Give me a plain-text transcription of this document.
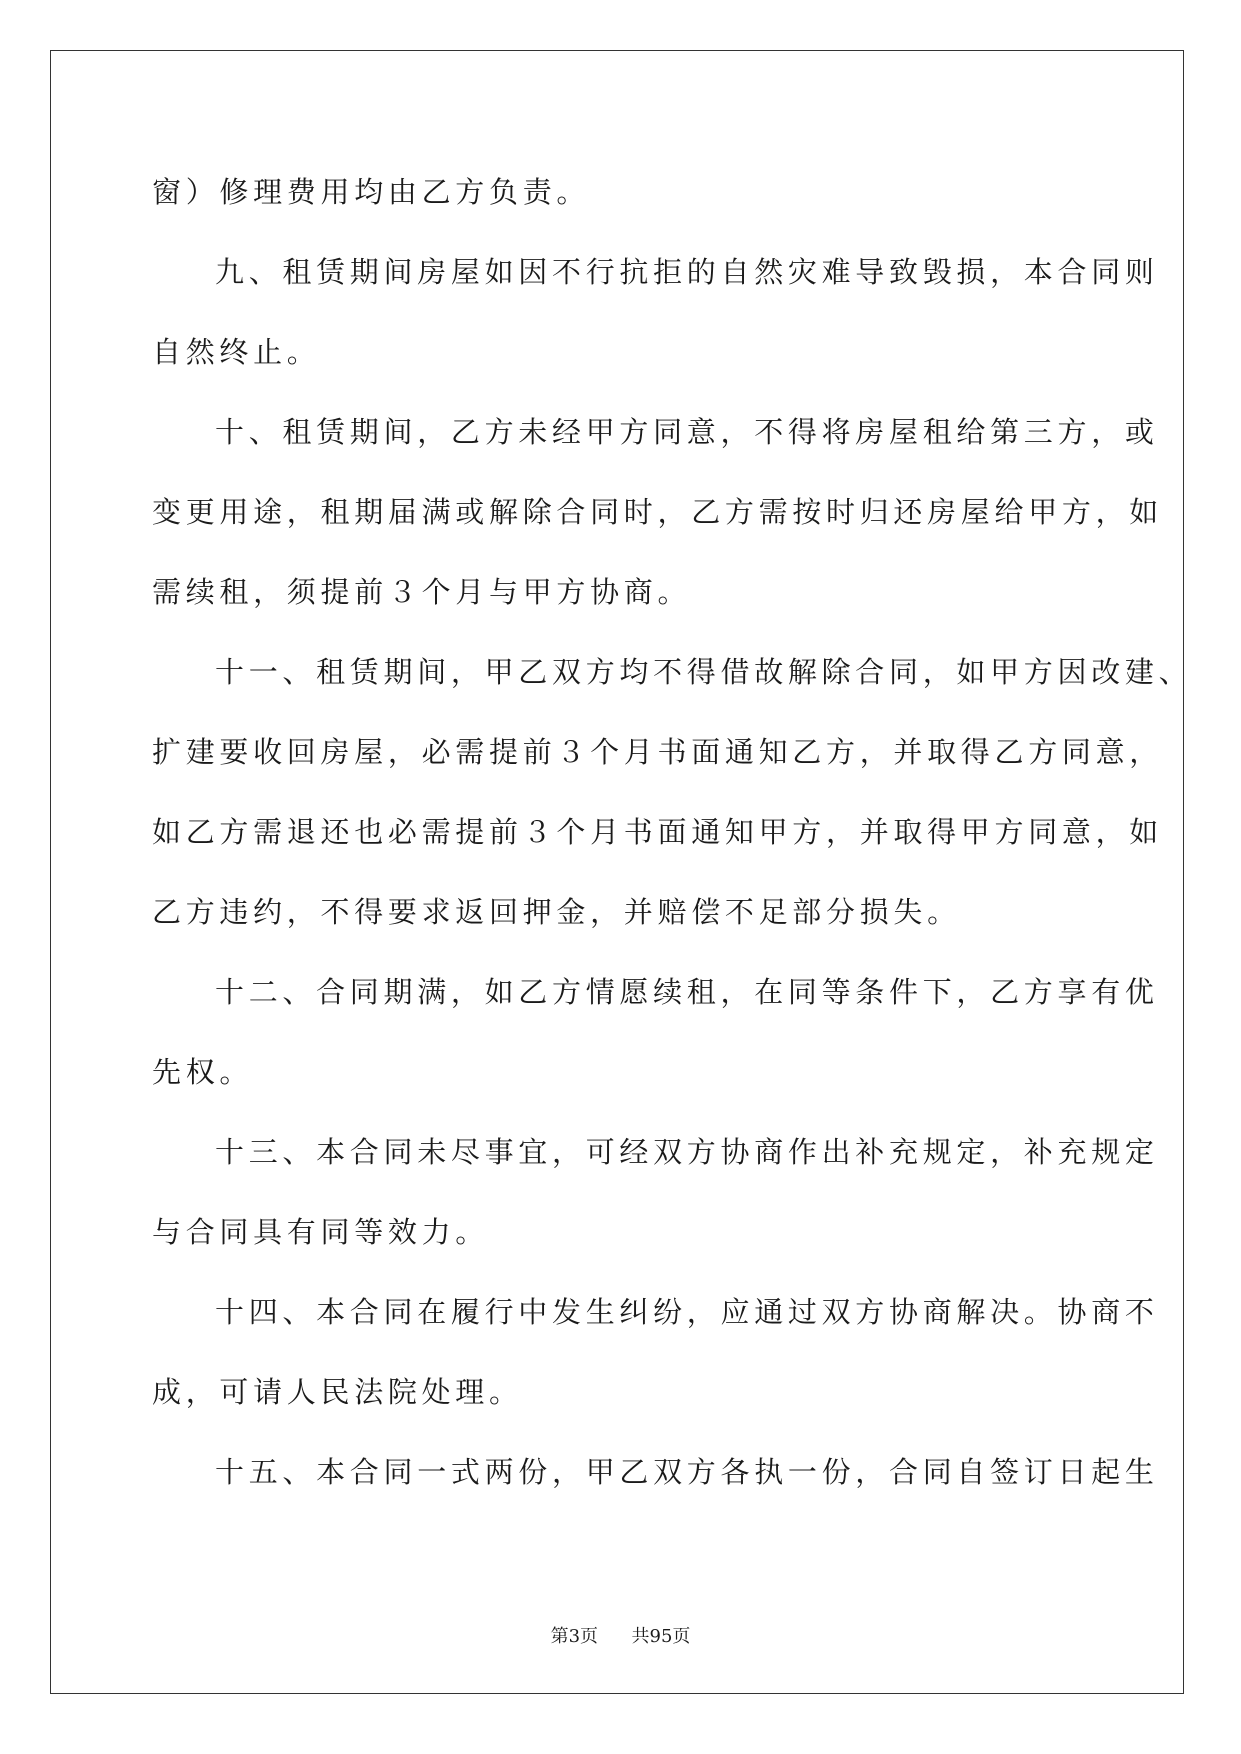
窗）修理费用均由乙方负责。
九、租赁期间房屋如因不行抗拒的自然灾难导致毁损，本合同则
自然终止。
十、租赁期间，乙方未经甲方同意，不得将房屋租给第三方，或
变更用途，租期届满或解除合同时，乙方需按时归还房屋给甲方，如
需续租，须提前３个月与甲方协商。
十一、租赁期间，甲乙双方均不得借故解除合同，如甲方因改建、
扩建要收回房屋，必需提前３个月书面通知乙方，并取得乙方同意，
如乙方需退还也必需提前３个月书面通知甲方，并取得甲方同意，如
乙方违约，不得要求返回押金，并赔偿不足部分损失。
十二、合同期满，如乙方情愿续租，在同等条件下，乙方享有优
先权。
十三、本合同未尽事宜，可经双方协商作出补充规定，补充规定
与合同具有同等效力。
十四、本合同在履行中发生纠纷，应通过双方协商解决。协商不
成，可请人民法院处理。
十五、本合同一式两份，甲乙双方各执一份，合同自签订日起生
第3页 共95页
